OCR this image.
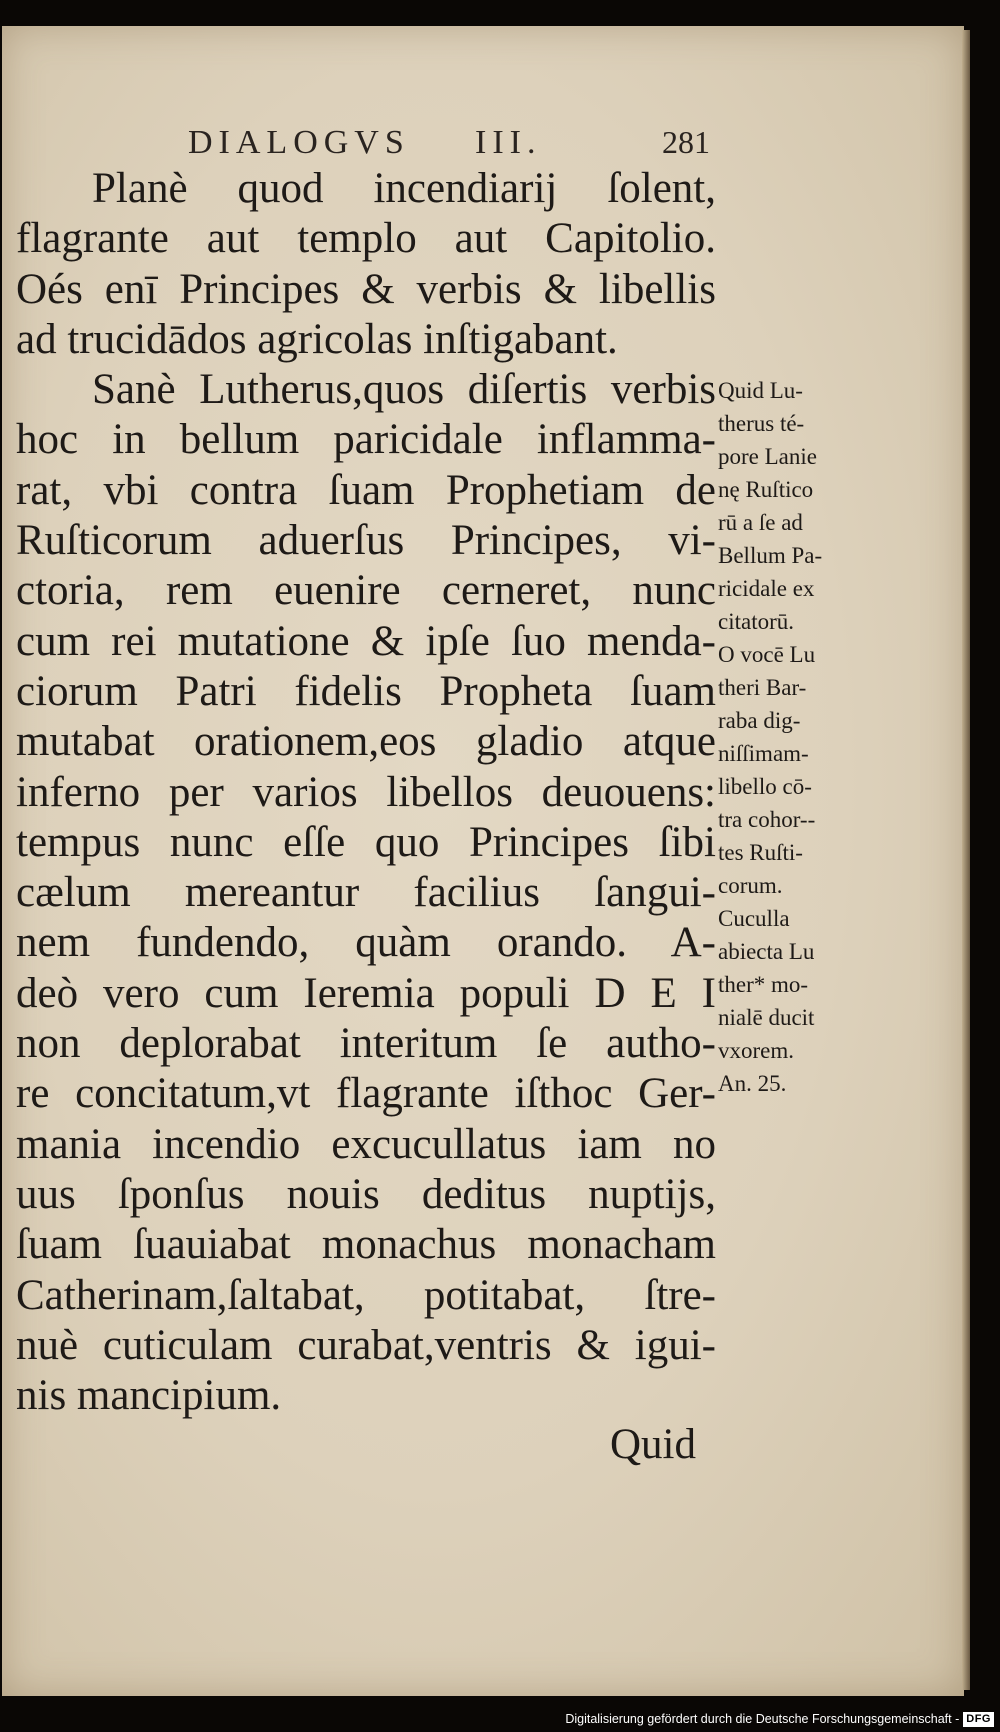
DIALOGVS III.	281
Planè quod incendiarij ſolent,
flagrante aut templo aut Capitolio.
Oés enī Principes & verbis & libellis
ad trucidādos agricolas inſtigabant.
Sanè Lutherus,quos diſertis verbis
hoc in bellum paricidale inflamma-
rat, vbi contra ſuam Prophetiam de
Ruſticorum aduerſus Principes, vi-
ctoria, rem euenire cerneret, nunc
cum rei mutatione & ipſe ſuo menda-
ciorum Patri fidelis Propheta ſuam
mutabat orationem,eos gladio atque
inferno per varios libellos deuouens:
tempus nunc eſſe quo Principes ſibi
cælum mereantur facilius ſangui-
nem fundendo, quàm orando. A-
deò vero cum Ieremia populi D E I
non deplorabat interitum ſe autho-
re concitatum,vt flagrante iſthoc Ger-
mania incendio excucullatus iam no
uus ſponſus nouis deditus nuptijs,
ſuam ſuauiabat monachus monacham
Catherinam,ſaltabat, potitabat, ſtre-
nuè cuticulam curabat,ventris & igui-
nis mancipium.
Quid Lu-
therus té-
pore Lanie
nę Ruſtico
rū a ſe ad
Bellum Pa-
ricidale ex
citatorū.
O vocē Lu
theri Bar-
raba dig-
niſſimam-
libello cō-
tra cohor--
tes Ruſti-
corum.
Cuculla
abiecta Lu
ther* mo-
nialē ducit
vxorem.
An. 25.
Quid
Digitalisierung gefördert durch die Deutsche Forschungsgemeinschaft - DFG
